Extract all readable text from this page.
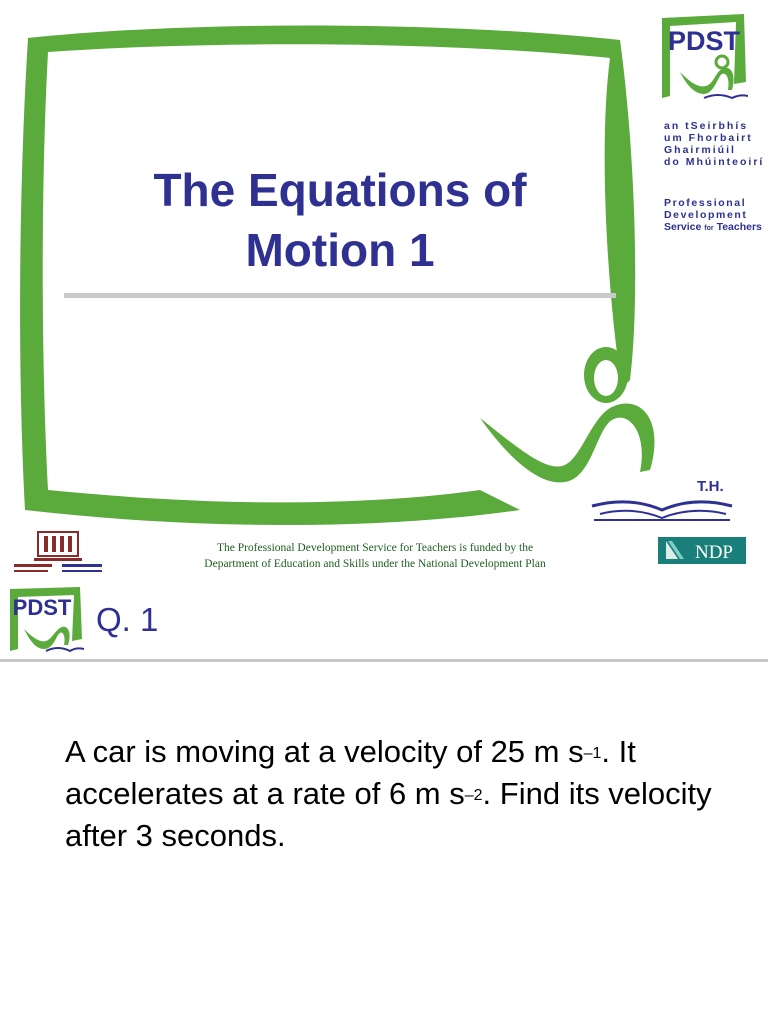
The Equations of
Motion 1
PDST
an tSeirbhís
um Fhorbairt
Ghairmiúil
do Mhúinteoirí
Professional
Development
Service for Teachers
T.H.
The Professional Development Service for Teachers is funded by the
Department of Education and Skills under the National Development Plan
NDP
PDST Q. 1
A car is moving at a velocity of 25 m $s^{-1}$. It accelerates at a rate of 6 m $s^{-2}$. Find its velocity after 3 seconds.
